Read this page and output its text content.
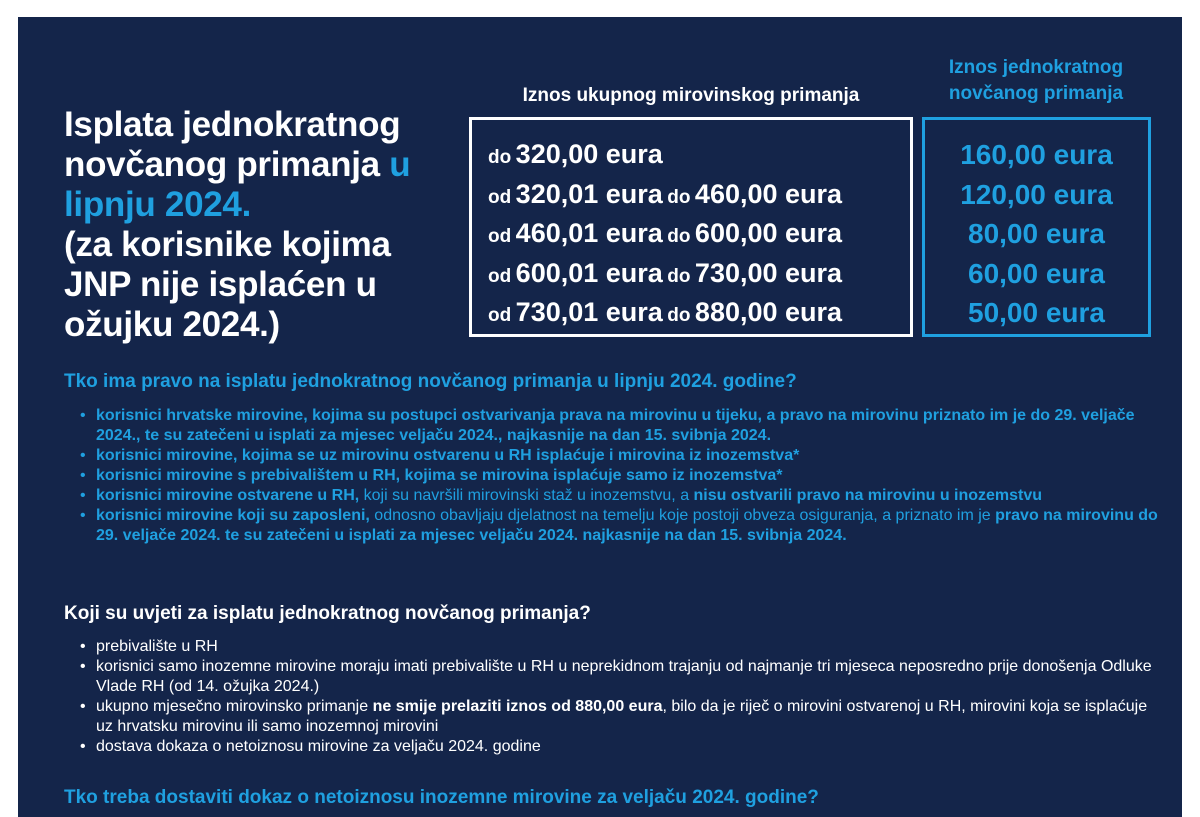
Isplata jednokratnog
novčanog primanja u
lipnju 2024.
(za korisnike kojima
JNP nije isplaćen u
ožujku 2024.)
Iznos ukupnog mirovinskog primanja
Iznos jednokratnog
novčanog primanja
do 320,00 eura
od 320,01 eura do 460,00 eura
od 460,01 eura do 600,00 eura
od 600,01 eura do 730,00 eura
od 730,01 eura do 880,00 eura
160,00 eura
120,00 eura
80,00 eura
60,00 eura
50,00 eura
Tko ima pravo na isplatu jednokratnog novčanog primanja u lipnju 2024. godine?
• korisnici hrvatske mirovine, kojima su postupci ostvarivanja prava na mirovinu u tijeku, a pravo na mirovinu priznato im je do 29. veljače 2024., te su zatečeni u isplati za mjesec veljaču 2024., najkasnije na dan 15. svibnja 2024.
• korisnici mirovine, kojima se uz mirovinu ostvarenu u RH isplaćuje i mirovina iz inozemstva*
• korisnici mirovine s prebivalištem u RH, kojima se mirovina isplaćuje samo iz inozemstva*
• korisnici mirovine ostvarene u RH, koji su navršili mirovinski staž u inozemstvu, a nisu ostvarili pravo na mirovinu u inozemstvu
• korisnici mirovine koji su zaposleni, odnosno obavljaju djelatnost na temelju koje postoji obveza osiguranja, a priznato im je pravo na mirovinu do 29. veljače 2024. te su zatečeni u isplati za mjesec veljaču 2024. najkasnije na dan 15. svibnja 2024.
Koji su uvjeti za isplatu jednokratnog novčanog primanja?
• prebivalište u RH
• korisnici samo inozemne mirovine moraju imati prebivalište u RH u neprekidnom trajanju od najmanje tri mjeseca neposredno prije donošenja Odluke Vlade RH (od 14. ožujka 2024.)
• ukupno mjesečno mirovinsko primanje ne smije prelaziti iznos od 880,00 eura, bilo da je riječ o mirovini ostvarenoj u RH, mirovini koja se isplaćuje uz hrvatsku mirovinu ili samo inozemnoj mirovini
• dostava dokaza o netoiznosu mirovine za veljaču 2024. godine
Tko treba dostaviti dokaz o netoiznosu inozemne mirovine za veljaču 2024. godine?
